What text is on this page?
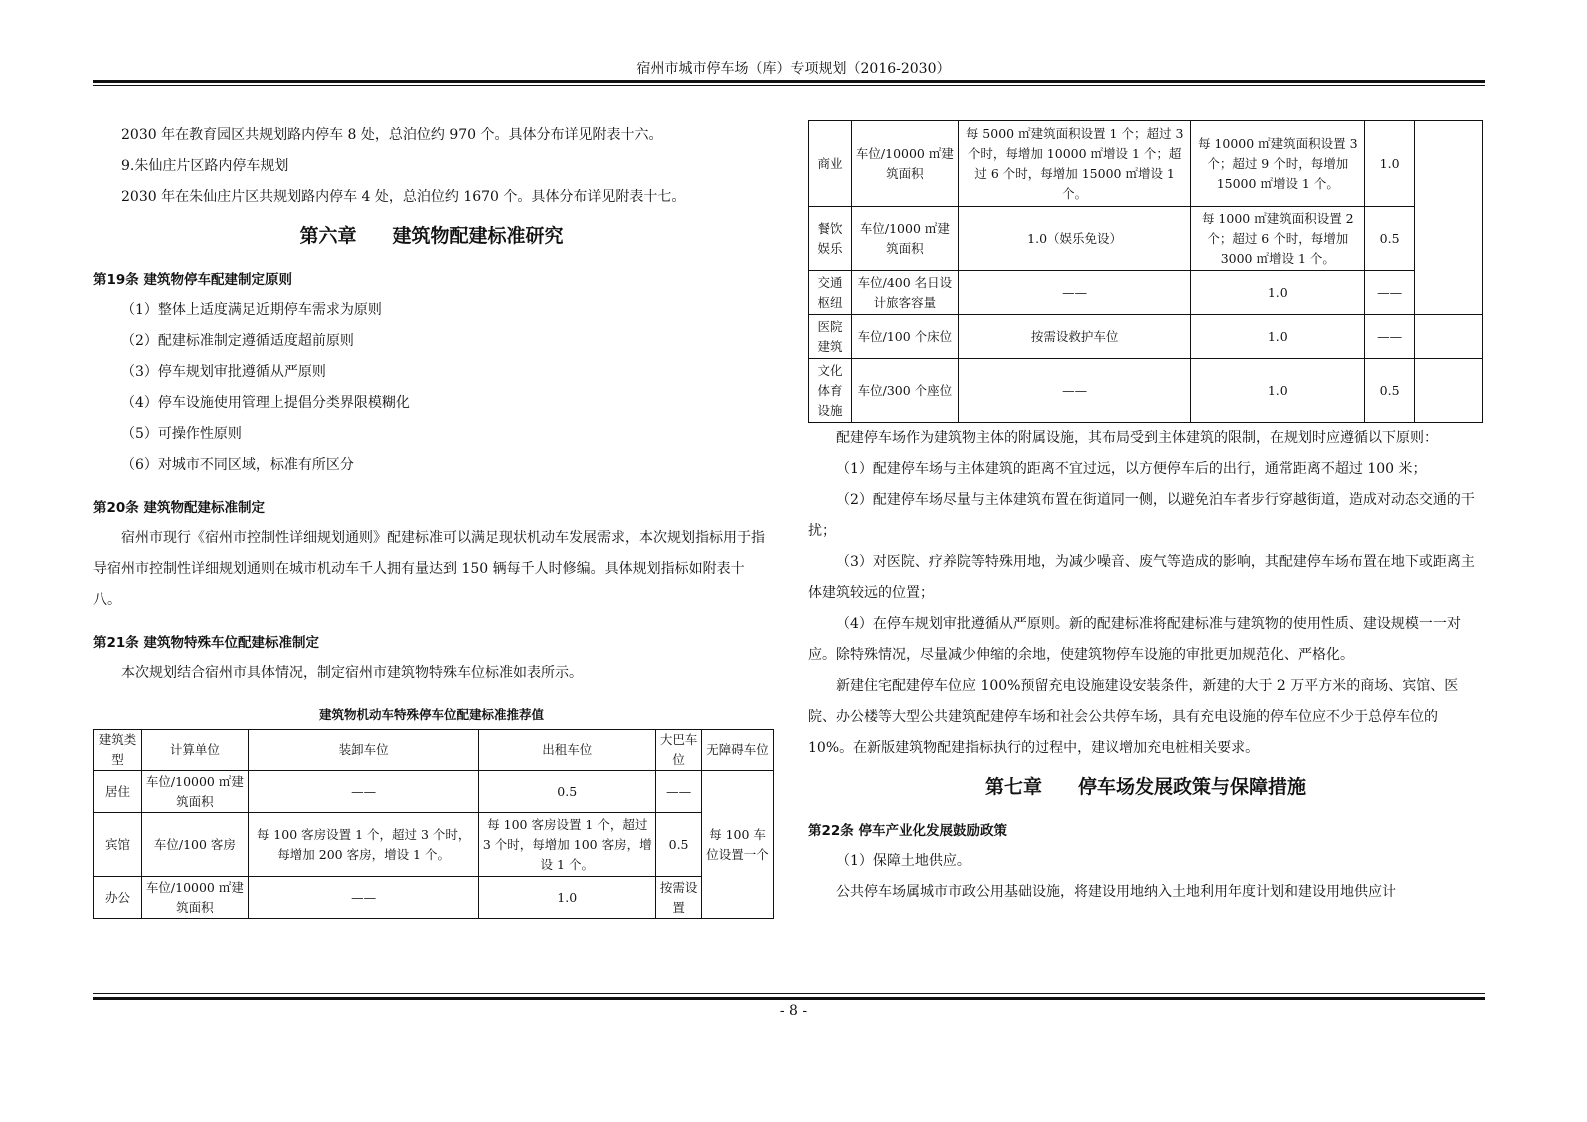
宿州市城市停车场（库）专项规划（2016-2030）

2030 年在教育园区共规划路内停车 8 处，总泊位约 970 个。具体分布详见附表十六。

9.朱仙庄片区路内停车规划

2030 年在朱仙庄片区共规划路内停车 4 处，总泊位约 1670 个。具体分布详见附表十七。

第六章 建筑物配建标准研究
第19条 建筑物停车配建制定原则

（1）整体上适度满足近期停车需求为原则

（2）配建标准制定遵循适度超前原则

（3）停车规划审批遵循从严原则

（4）停车设施使用管理上提倡分类界限模糊化

（5）可操作性原则

（6）对城市不同区域，标准有所区分

第20条 建筑物配建标准制定

宿州市现行《宿州市控制性详细规划通则》配建标准可以满足现状机动车发展需求，本次规划指标用于指导宿州市控制性详细规划通则在城市机动车千人拥有量达到 150 辆每千人时修编。具体规划指标如附表十八。

第21条 建筑物特殊车位配建标准制定

本次规划结合宿州市具体情况，制定宿州市建筑物特殊车位标准如表所示。

建筑物机动车特殊停车位配建标准推荐值
建筑类型	计算单位	装卸车位	出租车位	大巴车位	无障碍车位
居住	车位/10000 ㎡建筑面积	——	0.5	——	每 100 车位设置一个
宾馆	车位/100 客房	每 100 客房设置 1 个，超过 3 个时，每增加 200 客房，增设 1 个。	每 100 客房设置 1 个，超过 3 个时，每增加 100 客房，增设 1 个。	0.5	
办公	车位/10000 ㎡建筑面积	——	1.0	按需设置	
商业	车位/10000 ㎡建筑面积	每 5000 ㎡建筑面积设置 1 个；超过 3 个时，每增加 10000 ㎡增设 1 个；超过 6 个时，每增加 15000 ㎡增设 1 个。	每 10000 ㎡建筑面积设置 3 个；超过 9 个时，每增加 15000 ㎡增设 1 个。	1.0	
餐饮娱乐	车位/1000 ㎡建筑面积	1.0（娱乐免设）	每 1000 ㎡建筑面积设置 2 个；超过 6 个时，每增加 3000 ㎡增设 1 个。	0.5	
交通枢纽	车位/400 名日设计旅客容量	——	1.0	——	
医院建筑	车位/100 个床位	按需设救护车位	1.0	——	
文化体育设施	车位/300 个座位	——	1.0	0.5	

配建停车场作为建筑物主体的附属设施，其布局受到主体建筑的限制，在规划时应遵循以下原则：

（1）配建停车场与主体建筑的距离不宜过远，以方便停车后的出行，通常距离不超过 100 米；

（2）配建停车场尽量与主体建筑布置在街道同一侧，以避免泊车者步行穿越街道，造成对动态交通的干扰；

（3）对医院、疗养院等特殊用地，为减少噪音、废气等造成的影响，其配建停车场布置在地下或距离主体建筑较远的位置；

（4）在停车规划审批遵循从严原则。新的配建标准将配建标准与建筑物的使用性质、建设规模一一对应。除特殊情况，尽量减少伸缩的余地，使建筑物停车设施的审批更加规范化、严格化。

新建住宅配建停车位应 100%预留充电设施建设安装条件，新建的大于 2 万平方米的商场、宾馆、医院、办公楼等大型公共建筑配建停车场和社会公共停车场，具有充电设施的停车位应不少于总停车位的 10%。在新版建筑物配建指标执行的过程中，建议增加充电桩相关要求。

第七章 停车场发展政策与保障措施
第22条 停车产业化发展鼓励政策

（1）保障土地供应。

公共停车场属城市市政公用基础设施，将建设用地纳入土地利用年度计划和建设用地供应计

- 8 -
